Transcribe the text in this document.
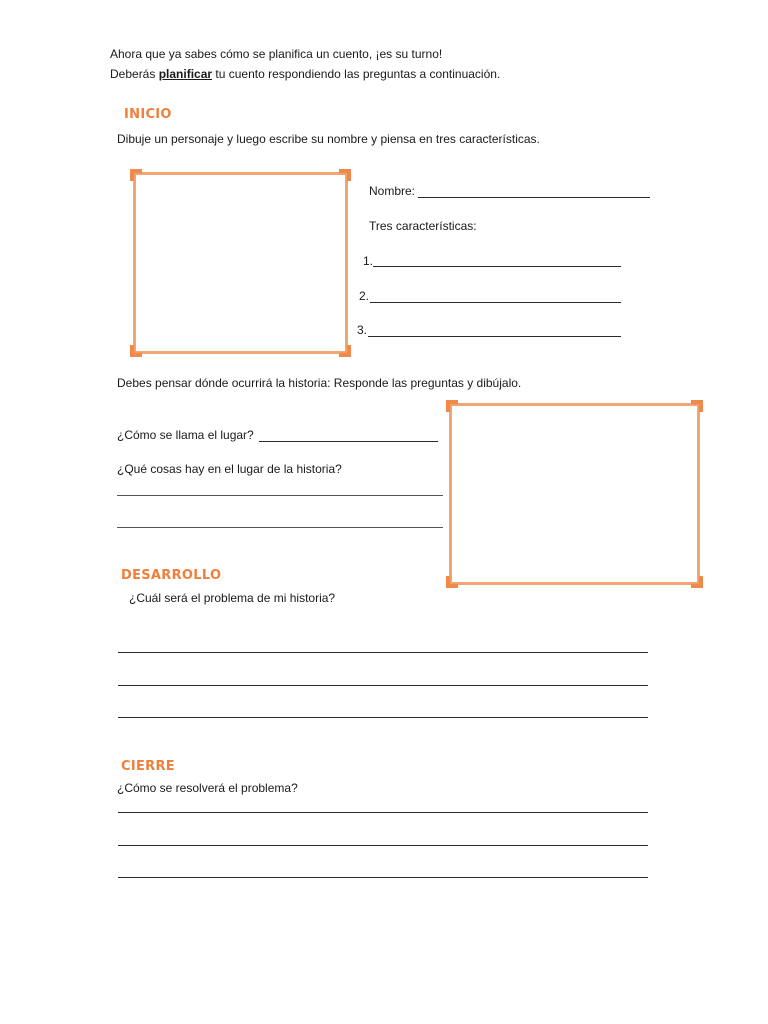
Ahora que ya sabes cómo se planifica un cuento, ¡es su turno!
Deberás planificar tu cuento respondiendo las preguntas a continuación.
INICIO
Dibuje un personaje y luego escribe su nombre y piensa en tres características.
Nombre:
Tres características:
1.
2.
3.
Debes pensar dónde ocurrirá la historia: Responde las preguntas y dibújalo.
¿Cómo se llama el lugar?
¿Qué cosas hay en el lugar de la historia?
DESARROLLO
¿Cuál será el problema de mi historia?
CIERRE
¿Cómo se resolverá el problema?
